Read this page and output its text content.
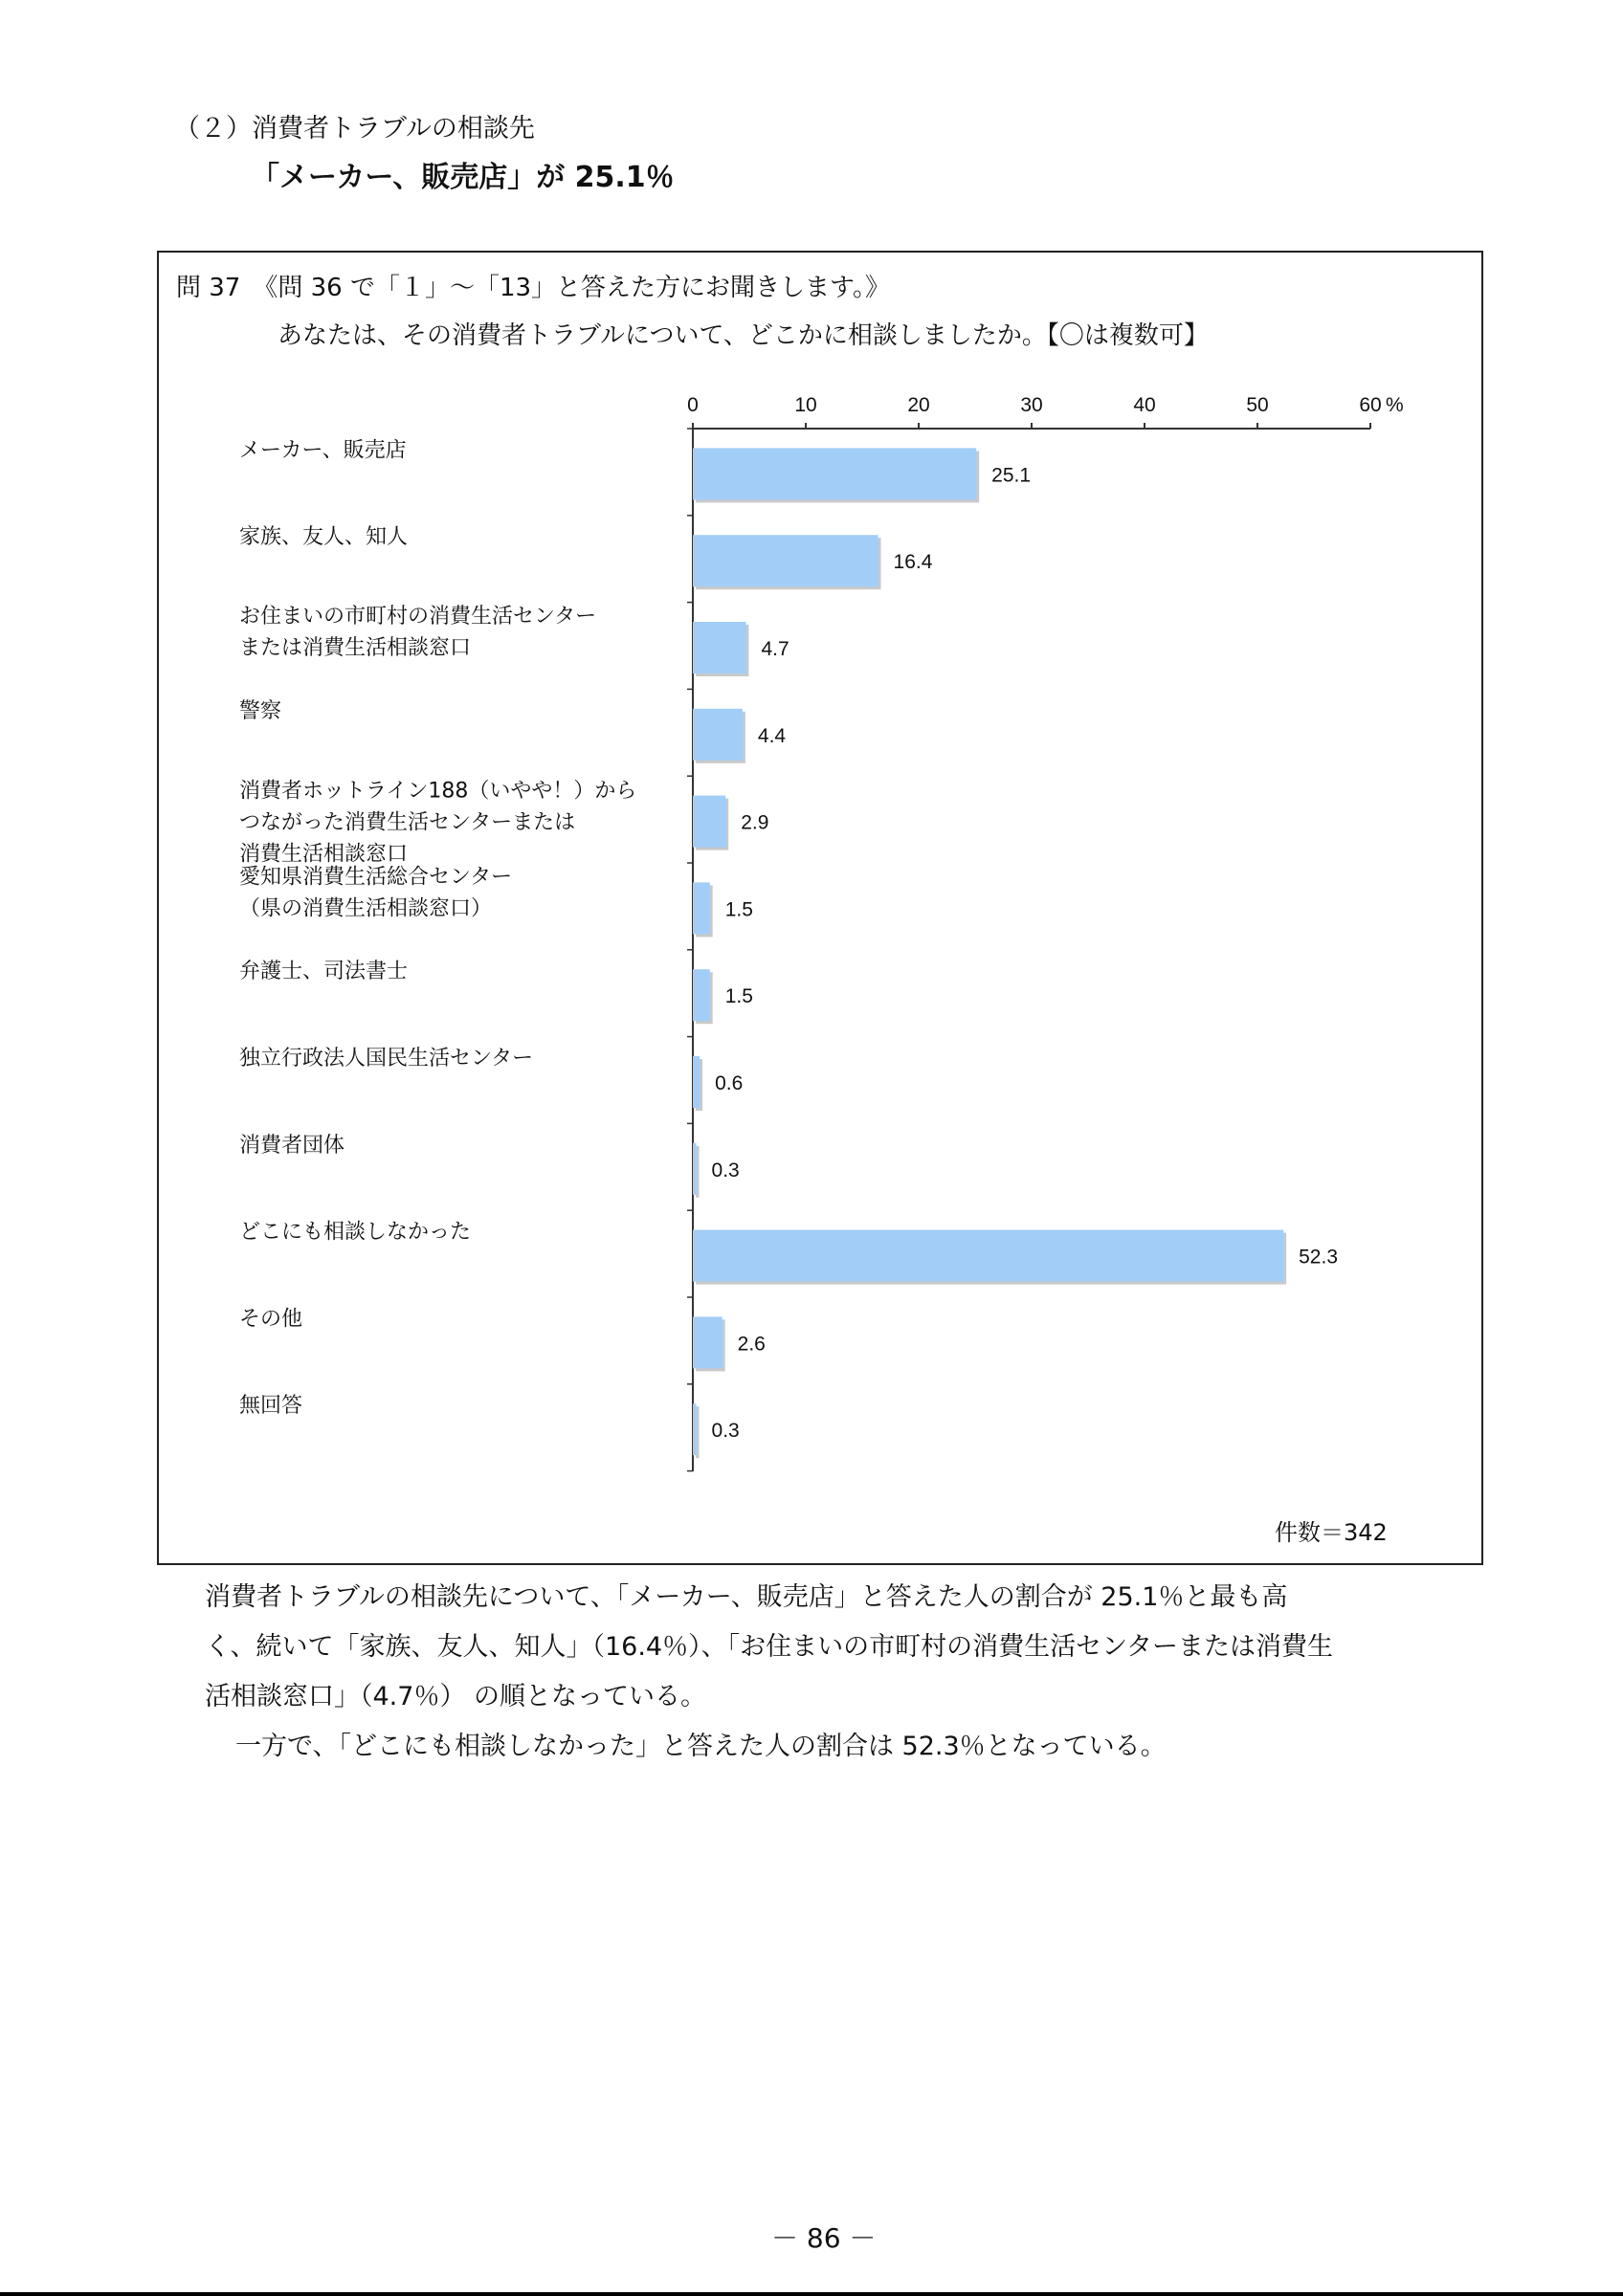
（２）消費者トラブルの相談先
「メーカー、販売店」が 25.1％
問 37　《問 36 で「１」～「13」と答えた方にお聞きします。》
あなたは、その消費者トラブルについて、どこかに相談しましたか。【〇は複数可】
0	10	20	30	40	50	60 %
25.1
メーカー、販売店
16.4
家族、友人、知人
4.7
お住まいの市町村の消費生活センター
または消費生活相談窓口
4.4
警察
2.9
消費者ホットライン188（いやや！）から
つながった消費生活センターまたは
消費生活相談窓口
1.5
愛知県消費生活総合センター
（県の消費生活相談窓口）
1.5
弁護士、司法書士
0.6
独立行政法人国民生活センター
0.3
消費者団体
52.3
どこにも相談しなかった
2.6
その他
0.3
無回答
件数＝342
消費者トラブルの相談先について、「メーカー、販売店」と答えた人の割合が 25.1％と最も高
く、続いて「家族、友人、知人」（16.4％）、「お住まいの市町村の消費生活センターまたは消費生
活相談窓口」（4.7％） の順となっている。
一方で、「どこにも相談しなかった」と答えた人の割合は 52.3％となっている。
－ 86 －
